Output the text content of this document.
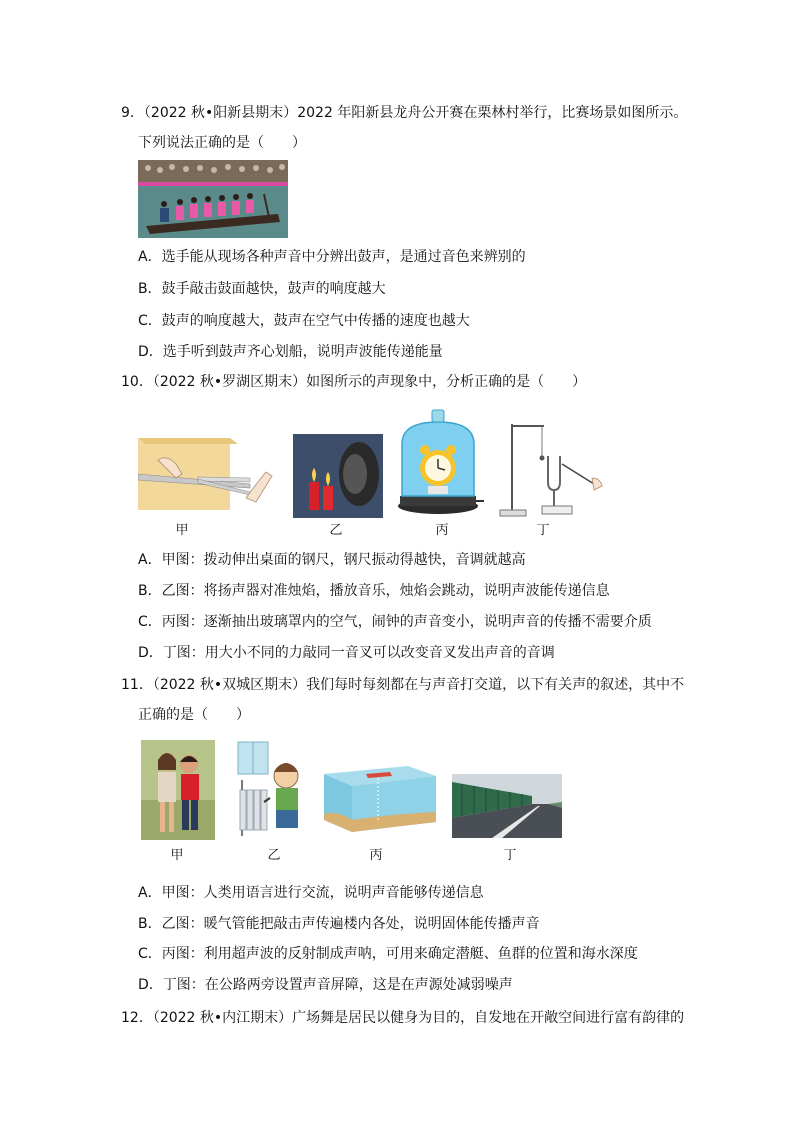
9．（2022 秋•阳新县期末）2022 年阳新县龙舟公开赛在栗林村举行，比赛场景如图所示。
下列说法正确的是（　　）
A．选手能从现场各种声音中分辨出鼓声，是通过音色来辨别的
B．鼓手敲击鼓面越快，鼓声的响度越大
C．鼓声的响度越大，鼓声在空气中传播的速度也越大
D．选手听到鼓声齐心划船，说明声波能传递能量
10．（2022 秋•罗湖区期末）如图所示的声现象中，分析正确的是（　　）
甲	乙	丙	丁
A．甲图：拨动伸出桌面的钢尺，钢尺振动得越快，音调就越高
B．乙图：将扬声器对准烛焰，播放音乐，烛焰会跳动，说明声波能传递信息
C．丙图：逐渐抽出玻璃罩内的空气，闹钟的声音变小，说明声音的传播不需要介质
D．丁图：用大小不同的力敲同一音叉可以改变音叉发出声音的音调
11．（2022 秋•双城区期末）我们每时每刻都在与声音打交道，以下有关声的叙述，其中不
正确的是（　　）
甲	乙	丙	丁
A．甲图：人类用语言进行交流，说明声音能够传递信息
B．乙图：暖气管能把敲击声传遍楼内各处，说明固体能传播声音
C．丙图：利用超声波的反射制成声呐，可用来确定潜艇、鱼群的位置和海水深度
D．丁图：在公路两旁设置声音屏障，这是在声源处减弱噪声
12．（2022 秋•内江期末）广场舞是居民以健身为目的，自发地在开敞空间进行富有韵律的
